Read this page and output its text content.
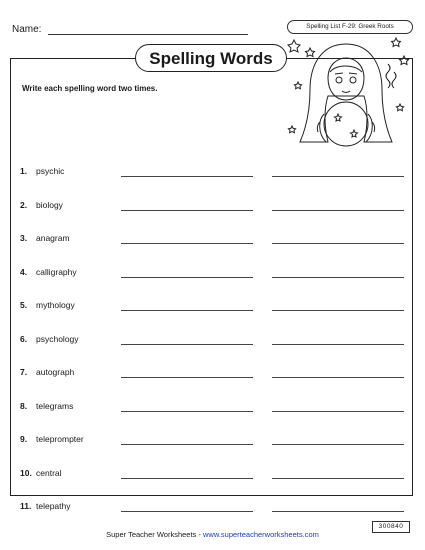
Name:	Spelling List F-29: Greek Roots
Spelling Words
Write each spelling word two times.
1. psychic
2. biology
3. anagram
4. calligraphy
5. mythology
6. psychology
7. autograph
8. telegrams
9. teleprompter
10. central
11. telepathy
Super Teacher Worksheets - www.superteacherworksheets.com
300840
